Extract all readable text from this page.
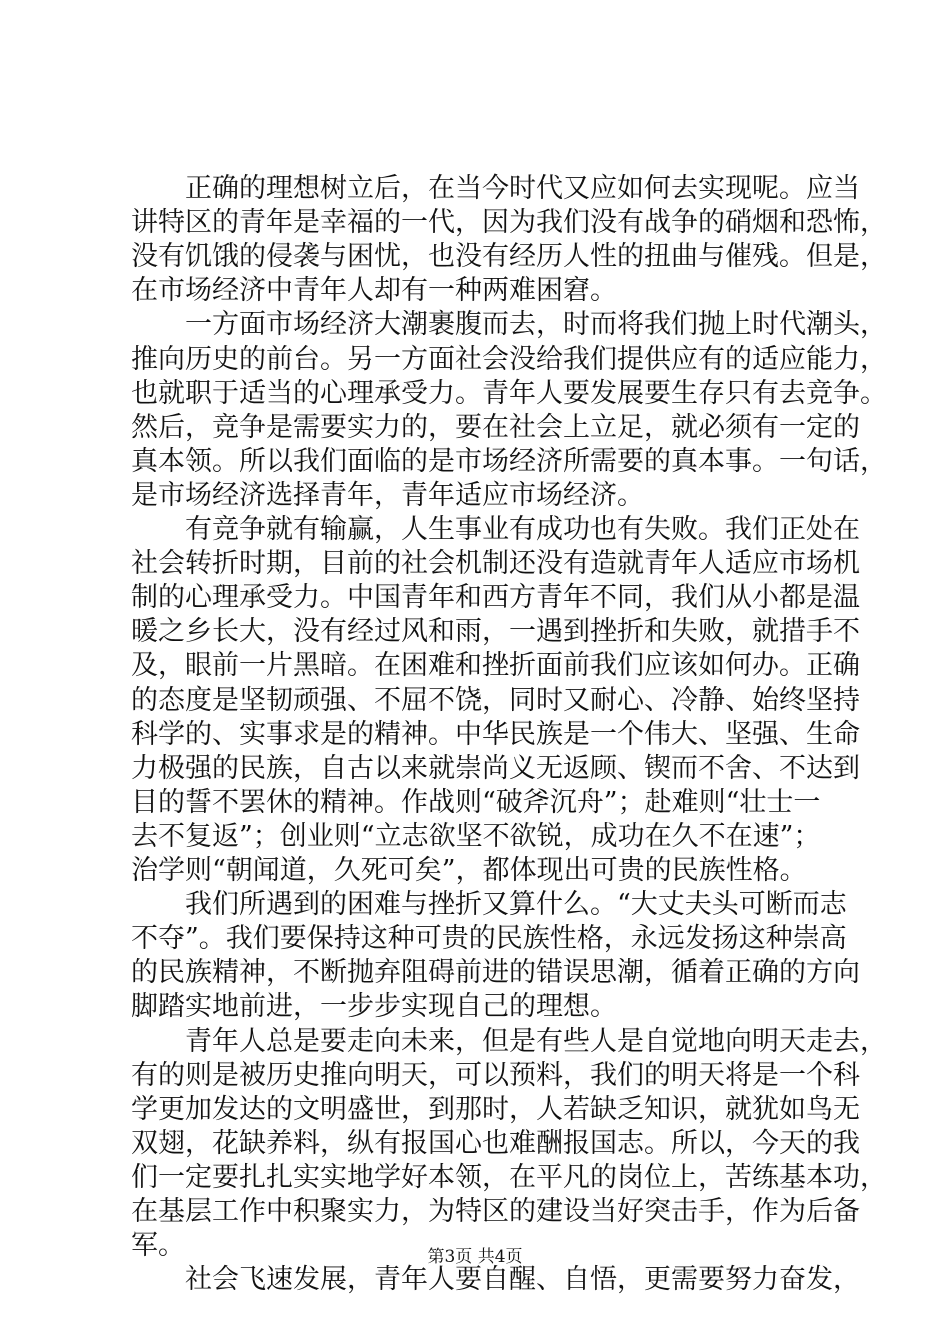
　　正确的理想树立后，在当今时代又应如何去实现呢。应当
讲特区的青年是幸福的一代，因为我们没有战争的硝烟和恐怖，
没有饥饿的侵袭与困忧，也没有经历人性的扭曲与催残。但是，
在市场经济中青年人却有一种两难困窘。
　　一方面市场经济大潮裹腹而去，时而将我们抛上时代潮头，
推向历史的前台。另一方面社会没给我们提供应有的适应能力，
也就职于适当的心理承受力。青年人要发展要生存只有去竞争。
然后，竞争是需要实力的，要在社会上立足，就必须有一定的
真本领。所以我们面临的是市场经济所需要的真本事。一句话，
是市场经济选择青年，青年适应市场经济。
　　有竞争就有输赢，人生事业有成功也有失败。我们正处在
社会转折时期，目前的社会机制还没有造就青年人适应市场机
制的心理承受力。中国青年和西方青年不同，我们从小都是温
暖之乡长大，没有经过风和雨，一遇到挫折和失败，就措手不
及，眼前一片黑暗。在困难和挫折面前我们应该如何办。正确
的态度是坚韧顽强、不屈不饶，同时又耐心、冷静、始终坚持
科学的、实事求是的精神。中华民族是一个伟大、坚强、生命
力极强的民族，自古以来就崇尚义无返顾、锲而不舍、不达到
目的誓不罢休的精神。作战则“破斧沉舟”；赴难则“壮士一
去不复返”；创业则“立志欲坚不欲锐，成功在久不在速”；
治学则“朝闻道，久死可矣”，都体现出可贵的民族性格。
　　我们所遇到的困难与挫折又算什么。“大丈夫头可断而志
不夺”。我们要保持这种可贵的民族性格，永远发扬这种崇高
的民族精神，不断抛弃阻碍前进的错误思潮，循着正确的方向
脚踏实地前进，一步步实现自己的理想。
　　青年人总是要走向未来，但是有些人是自觉地向明天走去，
有的则是被历史推向明天，可以预料，我们的明天将是一个科
学更加发达的文明盛世，到那时，人若缺乏知识，就犹如鸟无
双翅，花缺养料，纵有报国心也难酬报国志。所以，今天的我
们一定要扎扎实实地学好本领，在平凡的岗位上，苦练基本功，
在基层工作中积聚实力，为特区的建设当好突击手，作为后备
军。
　　社会飞速发展，青年人要自醒、自悟，更需要努力奋发，
第3页 共4页
